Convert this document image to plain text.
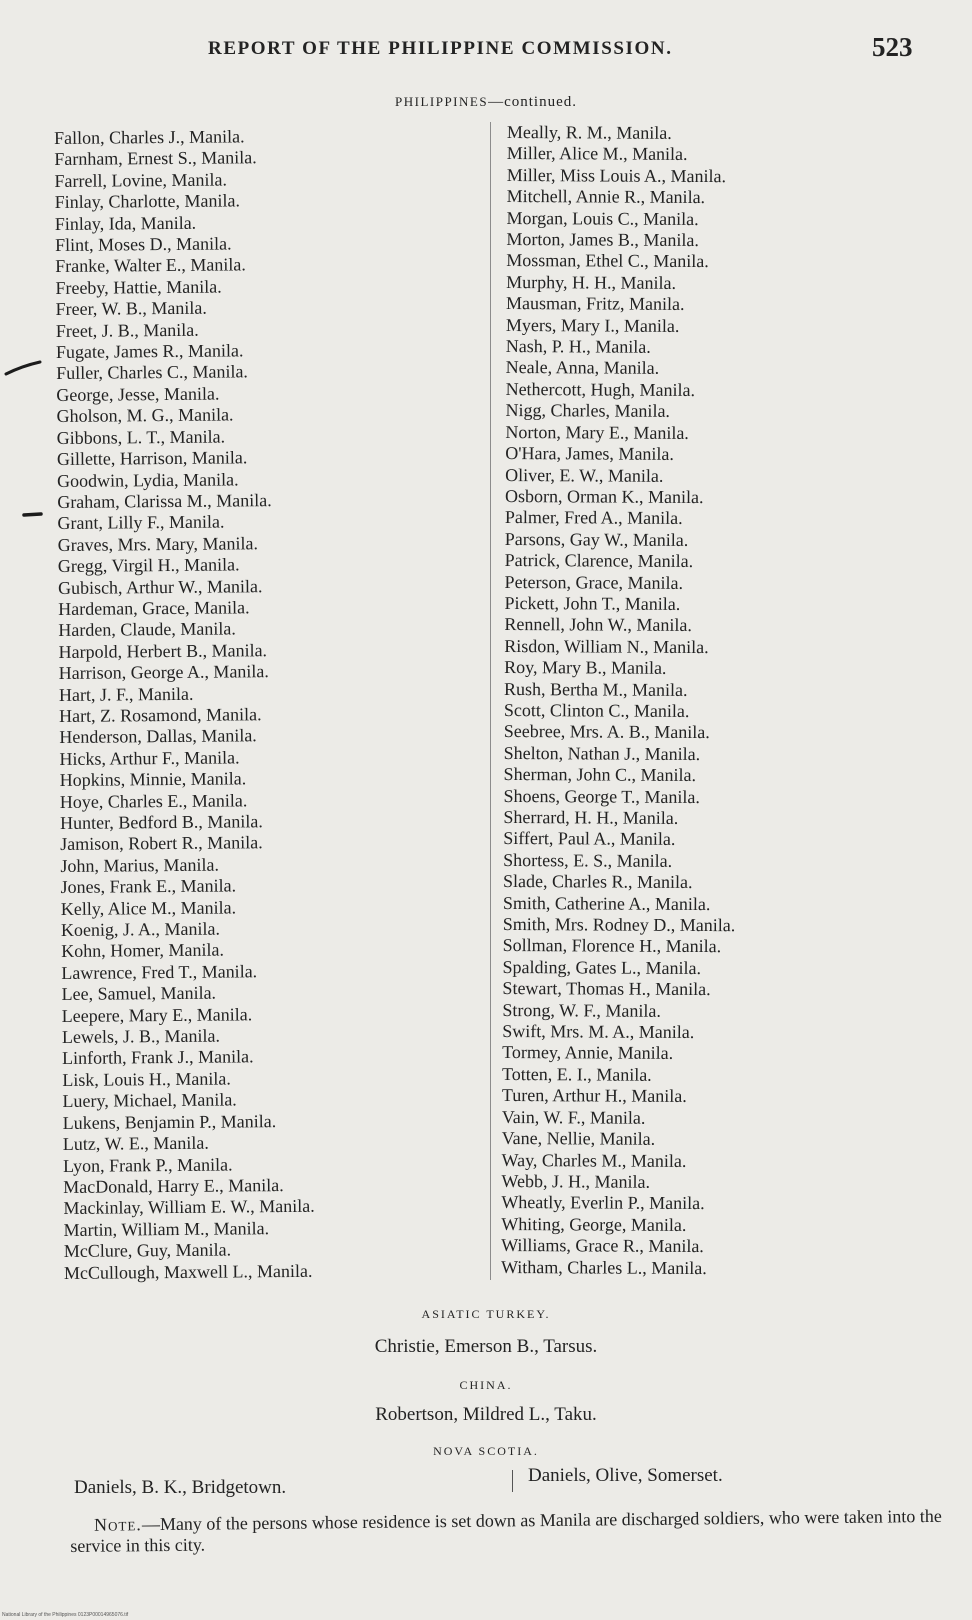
REPORT OF THE PHILIPPINE COMMISSION.	523
PHILIPPINES—continued.
Fallon, Charles J., Manila.
Farnham, Ernest S., Manila.
Farrell, Lovine, Manila.
Finlay, Charlotte, Manila.
Finlay, Ida, Manila.
Flint, Moses D., Manila.
Franke, Walter E., Manila.
Freeby, Hattie, Manila.
Freer, W. B., Manila.
Freet, J. B., Manila.
Fugate, James R., Manila.
Fuller, Charles C., Manila.
George, Jesse, Manila.
Gholson, M. G., Manila.
Gibbons, L. T., Manila.
Gillette, Harrison, Manila.
Goodwin, Lydia, Manila.
Graham, Clarissa M., Manila.
Grant, Lilly F., Manila.
Graves, Mrs. Mary, Manila.
Gregg, Virgil H., Manila.
Gubisch, Arthur W., Manila.
Hardeman, Grace, Manila.
Harden, Claude, Manila.
Harpold, Herbert B., Manila.
Harrison, George A., Manila.
Hart, J. F., Manila.
Hart, Z. Rosamond, Manila.
Henderson, Dallas, Manila.
Hicks, Arthur F., Manila.
Hopkins, Minnie, Manila.
Hoye, Charles E., Manila.
Hunter, Bedford B., Manila.
Jamison, Robert R., Manila.
John, Marius, Manila.
Jones, Frank E., Manila.
Kelly, Alice M., Manila.
Koenig, J. A., Manila.
Kohn, Homer, Manila.
Lawrence, Fred T., Manila.
Lee, Samuel, Manila.
Leepere, Mary E., Manila.
Lewels, J. B., Manila.
Linforth, Frank J., Manila.
Lisk, Louis H., Manila.
Luery, Michael, Manila.
Lukens, Benjamin P., Manila.
Lutz, W. E., Manila.
Lyon, Frank P., Manila.
MacDonald, Harry E., Manila.
Mackinlay, William E. W., Manila.
Martin, William M., Manila.
McClure, Guy, Manila.
McCullough, Maxwell L., Manila.
Meally, R. M., Manila.
Miller, Alice M., Manila.
Miller, Miss Louis A., Manila.
Mitchell, Annie R., Manila.
Morgan, Louis C., Manila.
Morton, James B., Manila.
Mossman, Ethel C., Manila.
Murphy, H. H., Manila.
Mausman, Fritz, Manila.
Myers, Mary I., Manila.
Nash, P. H., Manila.
Neale, Anna, Manila.
Nethercott, Hugh, Manila.
Nigg, Charles, Manila.
Norton, Mary E., Manila.
O'Hara, James, Manila.
Oliver, E. W., Manila.
Osborn, Orman K., Manila.
Palmer, Fred A., Manila.
Parsons, Gay W., Manila.
Patrick, Clarence, Manila.
Peterson, Grace, Manila.
Pickett, John T., Manila.
Rennell, John W., Manila.
Risdon, William N., Manila.
Roy, Mary B., Manila.
Rush, Bertha M., Manila.
Scott, Clinton C., Manila.
Seebree, Mrs. A. B., Manila.
Shelton, Nathan J., Manila.
Sherman, John C., Manila.
Shoens, George T., Manila.
Sherrard, H. H., Manila.
Siffert, Paul A., Manila.
Shortess, E. S., Manila.
Slade, Charles R., Manila.
Smith, Catherine A., Manila.
Smith, Mrs. Rodney D., Manila.
Sollman, Florence H., Manila.
Spalding, Gates L., Manila.
Stewart, Thomas H., Manila.
Strong, W. F., Manila.
Swift, Mrs. M. A., Manila.
Tormey, Annie, Manila.
Totten, E. I., Manila.
Turen, Arthur H., Manila.
Vain, W. F., Manila.
Vane, Nellie, Manila.
Way, Charles M., Manila.
Webb, J. H., Manila.
Wheatly, Everlin P., Manila.
Whiting, George, Manila.
Williams, Grace R., Manila.
Witham, Charles L., Manila.
ASIATIC TURKEY.
Christie, Emerson B., Tarsus.
CHINA.
Robertson, Mildred L., Taku.
NOVA SCOTIA.
Daniels, B. K., Bridgetown.
Daniels, Olive, Somerset.
Note.—Many of the persons whose residence is set down as Manila are discharged soldiers, who were taken into the service in this city.
National Library of the Philippines 0123P00014965076.tif
